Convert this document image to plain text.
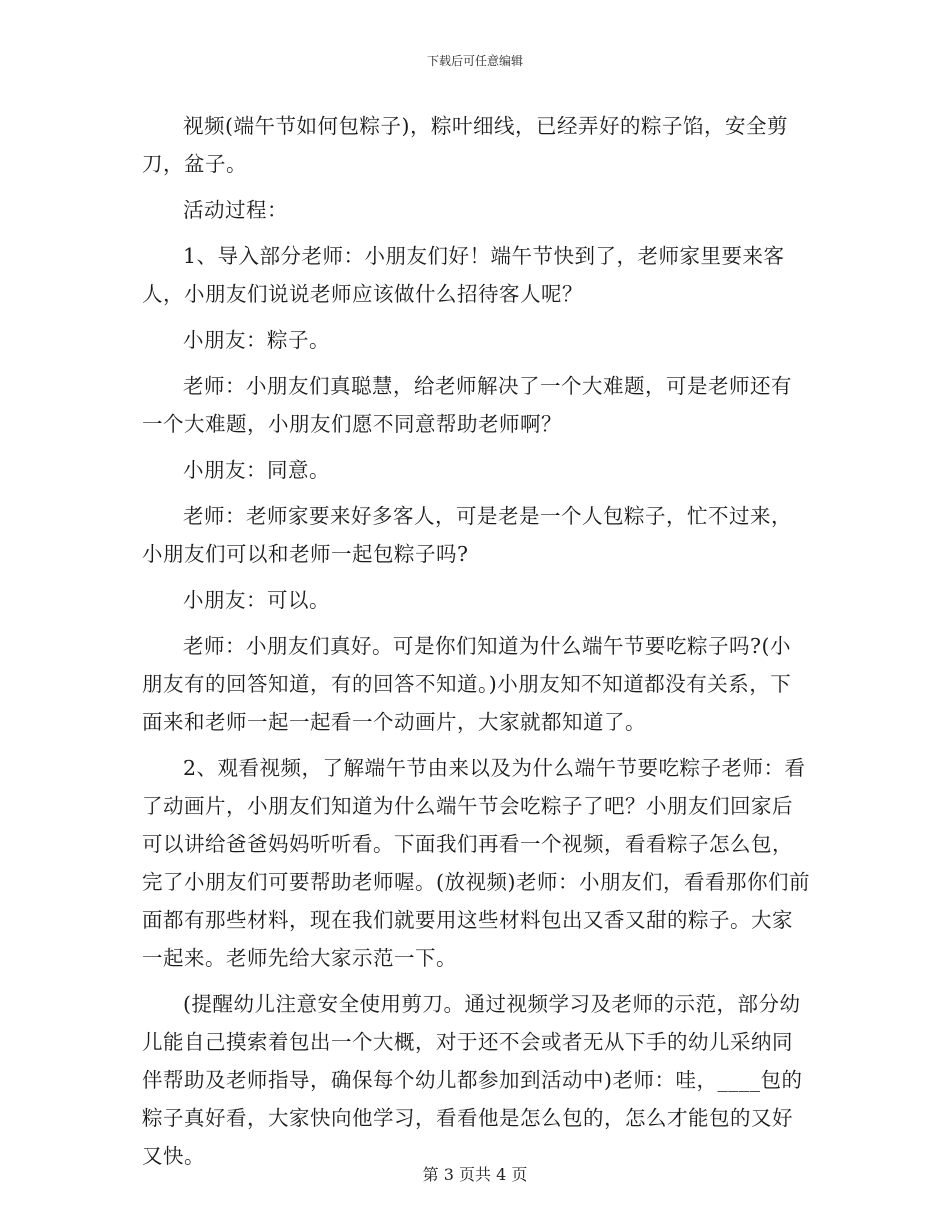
下载后可任意编辑

视频(端午节如何包粽子)，粽叶细线，已经弄好的粽子馅，安全剪刀，盆子。

活动过程：

1、导入部分老师：小朋友们好！端午节快到了，老师家里要来客人，小朋友们说说老师应该做什么招待客人呢？

小朋友：粽子。

老师：小朋友们真聪慧，给老师解决了一个大难题，可是老师还有一个大难题，小朋友们愿不同意帮助老师啊？

小朋友：同意。

老师：老师家要来好多客人，可是老是一个人包粽子，忙不过来，小朋友们可以和老师一起包粽子吗?

小朋友：可以。

老师：小朋友们真好。可是你们知道为什么端午节要吃粽子吗?(小朋友有的回答知道，有的回答不知道。)小朋友知不知道都没有关系，下面来和老师一起一起看一个动画片，大家就都知道了。

2、观看视频，了解端午节由来以及为什么端午节要吃粽子老师：看了动画片，小朋友们知道为什么端午节会吃粽子了吧？小朋友们回家后可以讲给爸爸妈妈听听看。下面我们再看一个视频，看看粽子怎么包，完了小朋友们可要帮助老师喔。(放视频)老师：小朋友们，看看那你们前面都有那些材料，现在我们就要用这些材料包出又香又甜的粽子。大家一起来。老师先给大家示范一下。

(提醒幼儿注意安全使用剪刀。通过视频学习及老师的示范，部分幼儿能自己摸索着包出一个大概，对于还不会或者无从下手的幼儿采纳同伴帮助及老师指导，确保每个幼儿都参加到活动中)老师：哇，____包的粽子真好看，大家快向他学习，看看他是怎么包的，怎么才能包的又好又快。

第 3 页共 4 页
